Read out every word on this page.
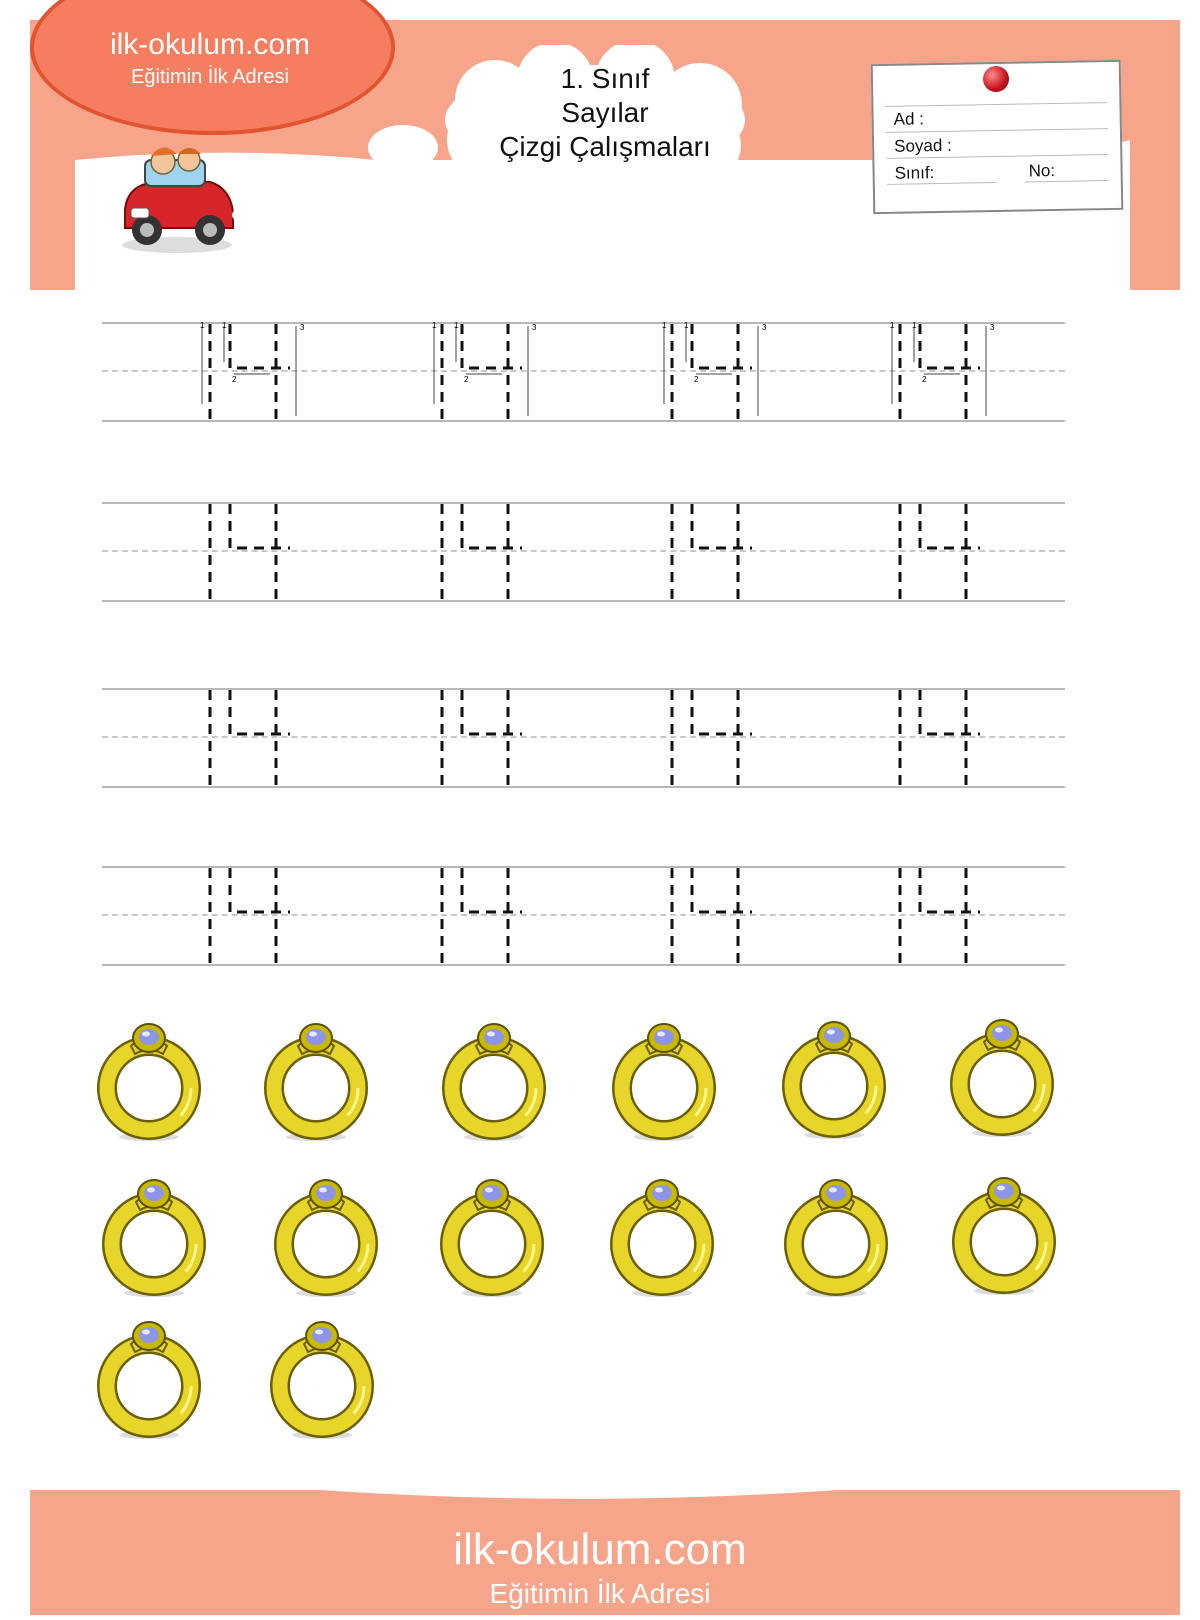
ilk-okulum.com
Eğitimin İlk Adresi	1. Sınıf
Sayılar
Çizgi Çalışmaları
Ad :
Soyad :
Sınıf:	No:
1 1
2
3	1 1
2
3	1 1
2
3	1 1
2
3
ilk-okulum.com
Eğitimin İlk Adresi
